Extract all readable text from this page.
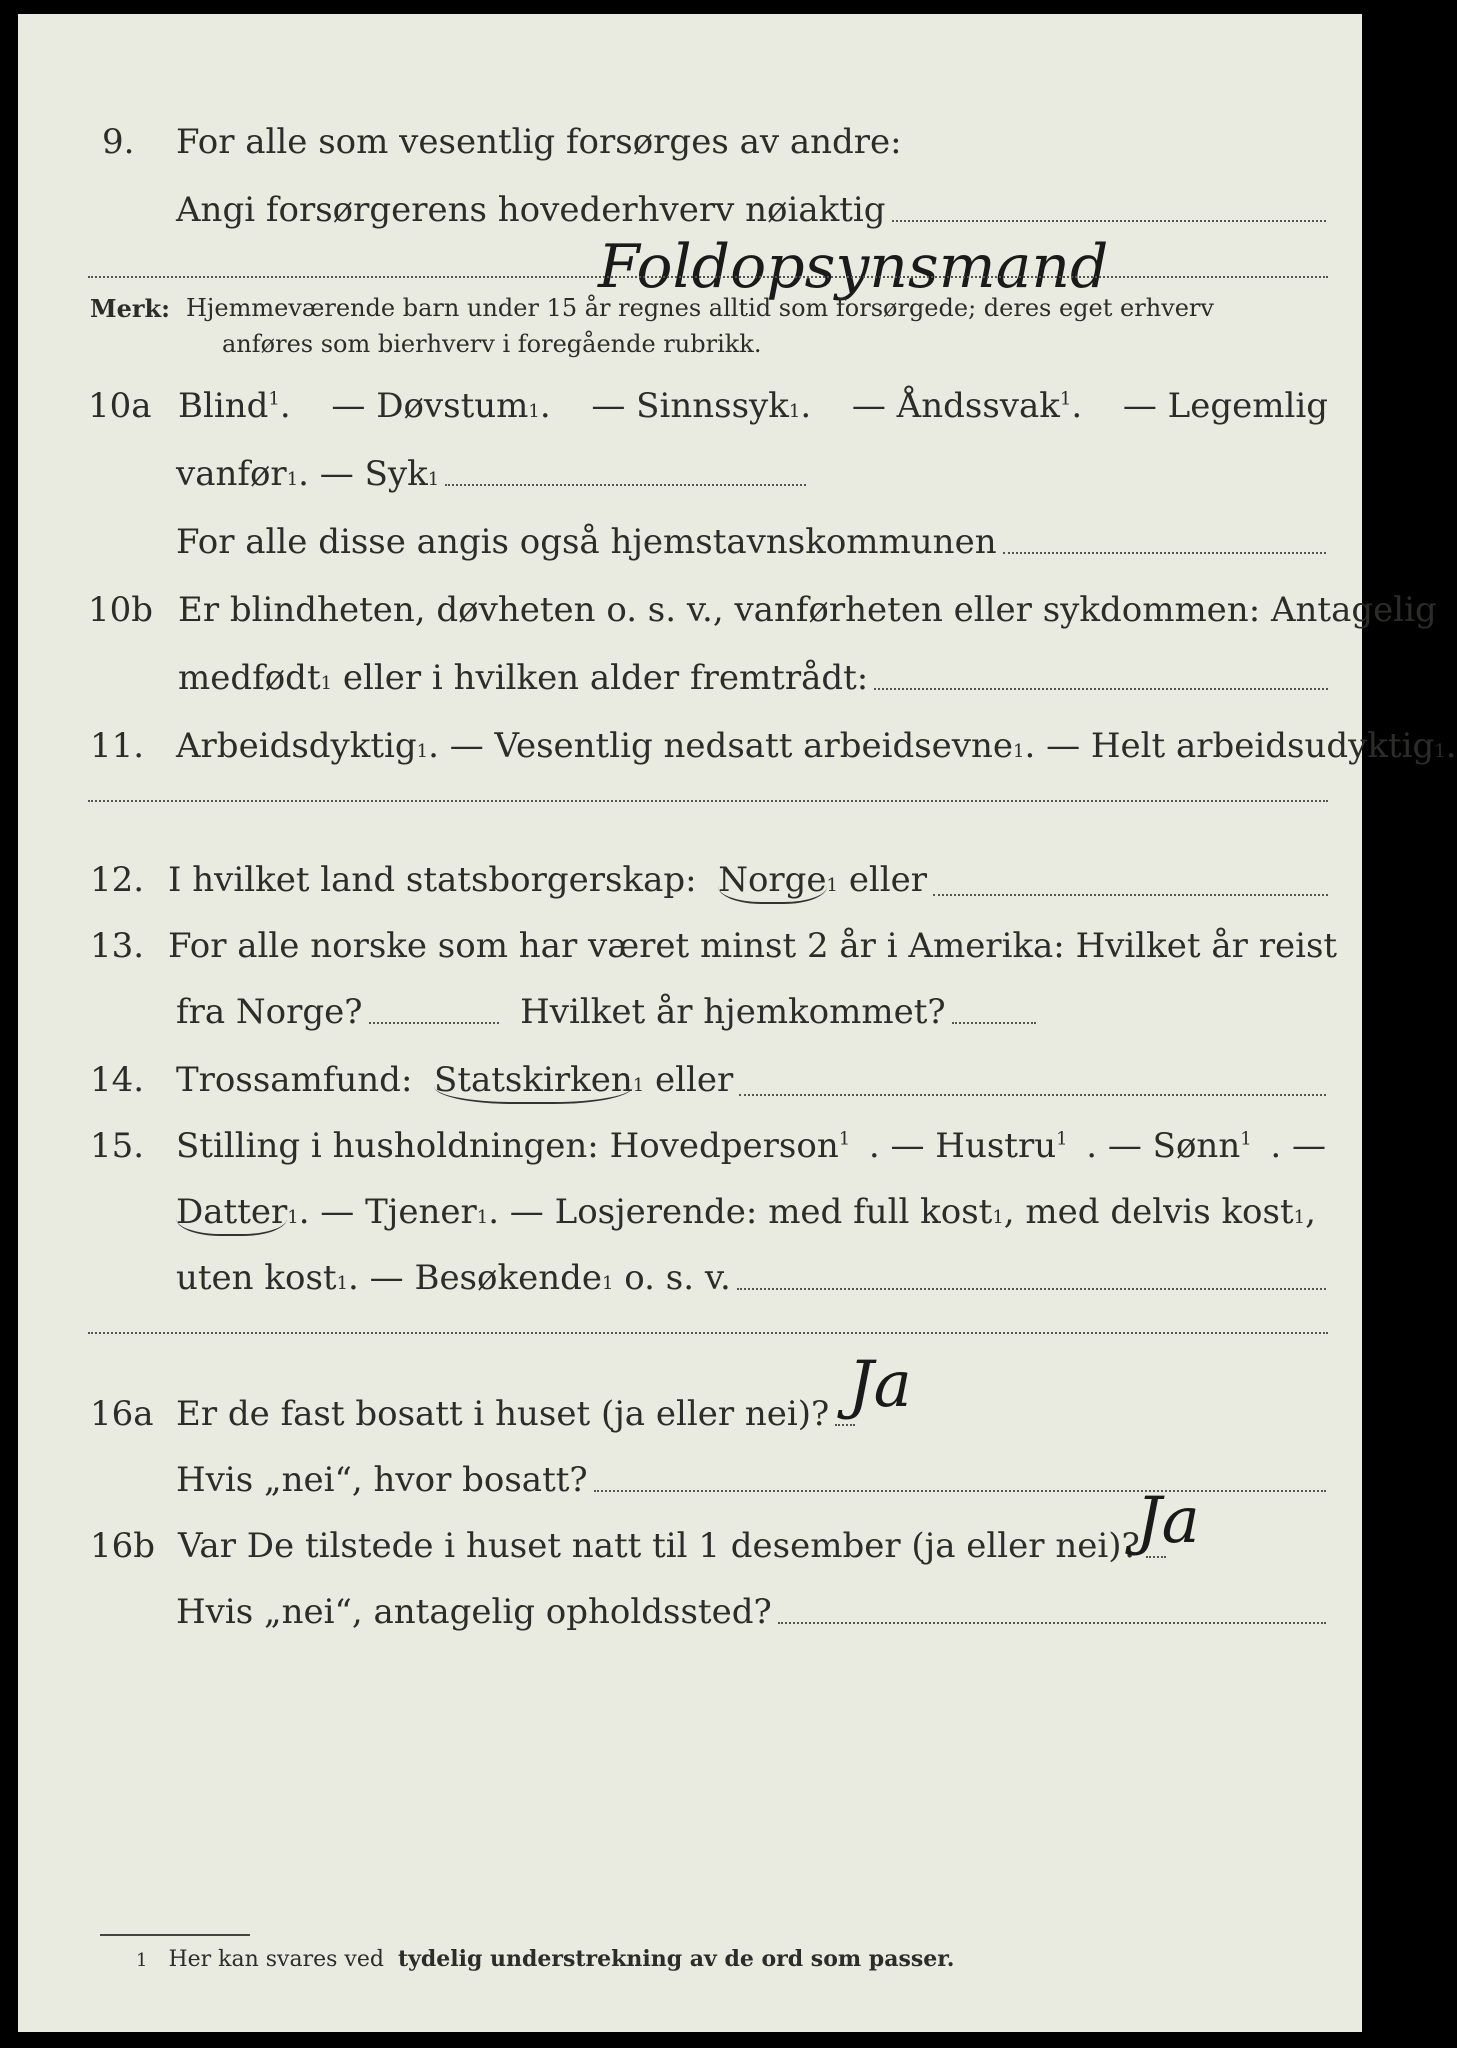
9. For alle som vesentlig forsørges av andre:
Angi forsørgerens hovederhverv nøiaktig
Foldopsynsmand
Merk: Hjemmeværende barn under 15 år regnes alltid som forsørgede; deres eget erhverv
anføres som bierhverv i foregående rubrikk.
10a Blind$^1$. — Døvstum1. — Sinnssyk1. — Åndssvak$^1$. — Legemlig
vanfør 1 . — Syk 1
For alle disse angis også hjemstavnskommunen
10b Er blindheten, døvheten o. s. v., vanførheten eller sykdommen: Antagelig
medfødt 1
eller i hvilken alder fremtrådt:
11. Arbeidsdyktig 1 . — Vesentlig nedsatt arbeidsevne 1 . — Helt arbeidsudyktig 1 .
12. I hvilket land statsborgerskap:
Norge 1
eller
13. For alle norske som har været minst 2 år i Amerika: Hvilket år reist
fra Norge?
	Hvilket år hjemkommet?
14. Trossamfund:
Statskirken 1
eller
15. Stilling i husholdningen: Hovedperson$^1$ . — Hustru$^1$ . — Sønn$^1$ . —
Datter 1 . — Tjener 1 . — Losjerende: med full kost 1 , med delvis kost 1 ,
uten kost 1 . — Besøkende 1
o. s. v.
16a Er de fast bosatt i huset (ja eller nei)? Ja
Hvis „nei“, hvor bosatt?
16b Var De tilstede i huset natt til 1 desember (ja eller nei)?
Ja
Hvis „nei“, antagelig opholdssted?
1 Her kan svares ved tydelig understrekning av de ord som passer.
